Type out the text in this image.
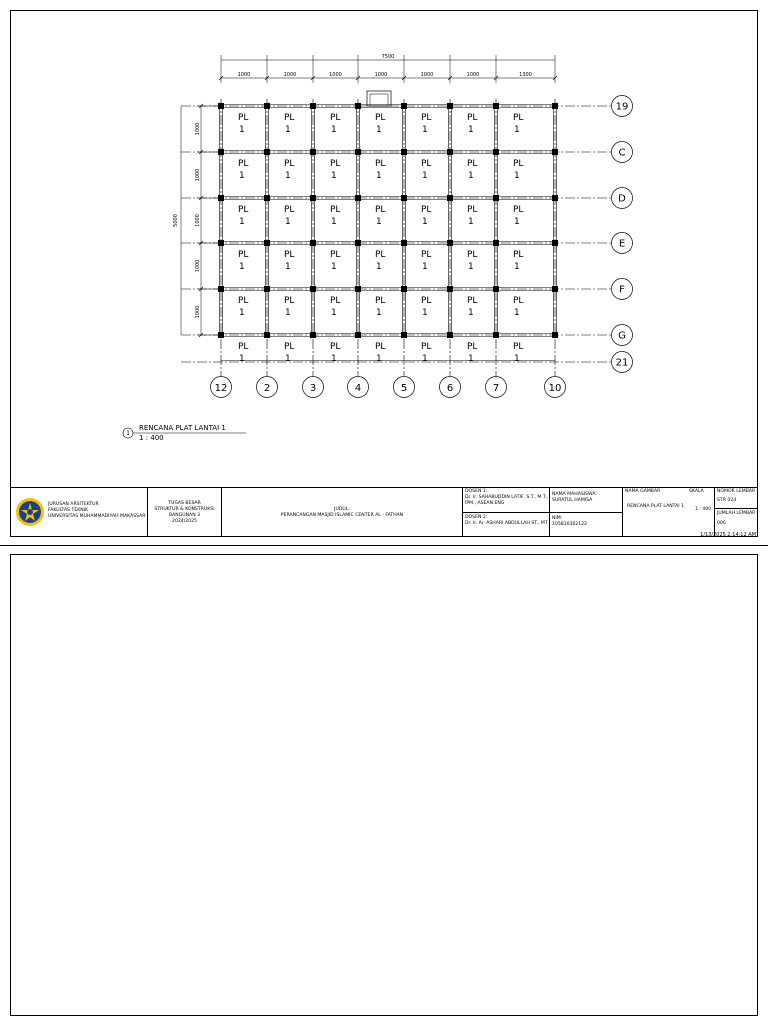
PL
1
PL
1
PL
1
PL
1
PL
1
PL
1
PL
1
PL
1
PL
1
PL
1
PL
1
PL
1
PL
1
PL
1
PL
1
PL
1
PL
1
PL
1
PL
1
PL
1
PL
1
PL
1
PL
1
PL
1
PL
1
PL
1
PL
1
PL
1
PL
1
PL
1
PL
1
PL
1
PL
1
PL
1
PL
1
PL
1
PL
1
PL
1
PL
1
PL
1
PL
1
PL
1
7500
1000	1000	1000	1000	1000	1000	1300
5000
1000
1000
1000
1000
1000
12	2	3	4	5	6	7	10
19
C
D
E
F
G
21
1
RENCANA PLAT LANTAI 1
1 : 400
JURUSAN ARSITEKTUR
FAKULTAS TEKNIK
UNIVERSITAS MUHAMMADIYAH MAKASSAR
TUGAS BESAR
STRUKTUR & KONSTRUKSI
BANGUNAN 3
2024/2025
JUDUL:
PERANCANGAN MASJID ISLAMIC CENTER AL - FATHAN
DOSEN 1:
Dr. Ir. SAHABUDDIN LATIF, S.T., M.T., IPM., ASEAN ENG
DOSEN 2:
Dr. Ir. Ar. ASHARI ABDULLAH ST., MT.
NAMA MAHASISWA:
SURATUL HAMISA
NIM:
105830302122
NAMA GAMBAR	SKALA
RENCANA PLAT LANTAI 1
1 : 400
NOMOR LEMBAR
STR 024
JUMLAH LEMBAR
006
1/13/2025 2:14:12 AM
